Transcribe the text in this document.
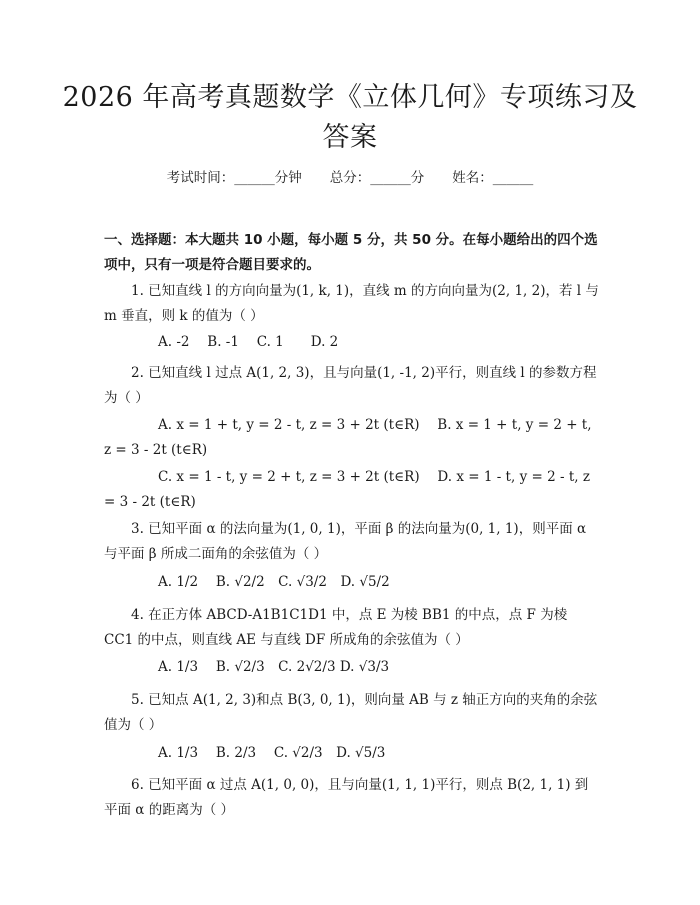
2026 年高考真题数学《立体几何》专项练习及答案
考试时间：______分钟 总分：______分 姓名：______
一、选择题：本大题共 10 小题，每小题 5 分，共 50 分。在每小题给出的四个选项中，只有一项是符合题目要求的。
1. 已知直线 l 的方向向量为(1, k, 1)，直线 m 的方向向量为(2, 1, 2)，若 l 与 m 垂直，则 k 的值为（ ）
A. -2　 B. -1　 C. 1　　D. 2
2. 已知直线 l 过点 A(1, 2, 3)，且与向量(1, -1, 2)平行，则直线 l 的参数方程为（ ）
A. x = 1 + t, y = 2 - t, z = 3 + 2t (t∈R)　 B. x = 1 + t, y = 2 + t, z = 3 - 2t (t∈R)
C. x = 1 - t, y = 2 + t, z = 3 + 2t (t∈R)　 D. x = 1 - t, y = 2 - t, z = 3 - 2t (t∈R)
3. 已知平面 α 的法向量为(1, 0, 1)，平面 β 的法向量为(0, 1, 1)，则平面 α 与平面 β 所成二面角的余弦值为（ ）
A. 1/2　 B. √2/2　C. √3/2　D. √5/2
4. 在正方体 ABCD-A1B1C1D1 中，点 E 为棱 BB1 的中点，点 F 为棱 CC1 的中点，则直线 AE 与直线 DF 所成角的余弦值为（ ）
A. 1/3　 B. √2/3　C. 2√2/3 D. √3/3
5. 已知点 A(1, 2, 3)和点 B(3, 0, 1)，则向量 AB 与 z 轴正方向的夹角的余弦值为（ ）
A. 1/3　 B. 2/3　 C. √2/3　D. √5/3
6. 已知平面 α 过点 A(1, 0, 0)，且与向量(1, 1, 1)平行，则点 B(2, 1, 1) 到平面 α 的距离为（ ）
